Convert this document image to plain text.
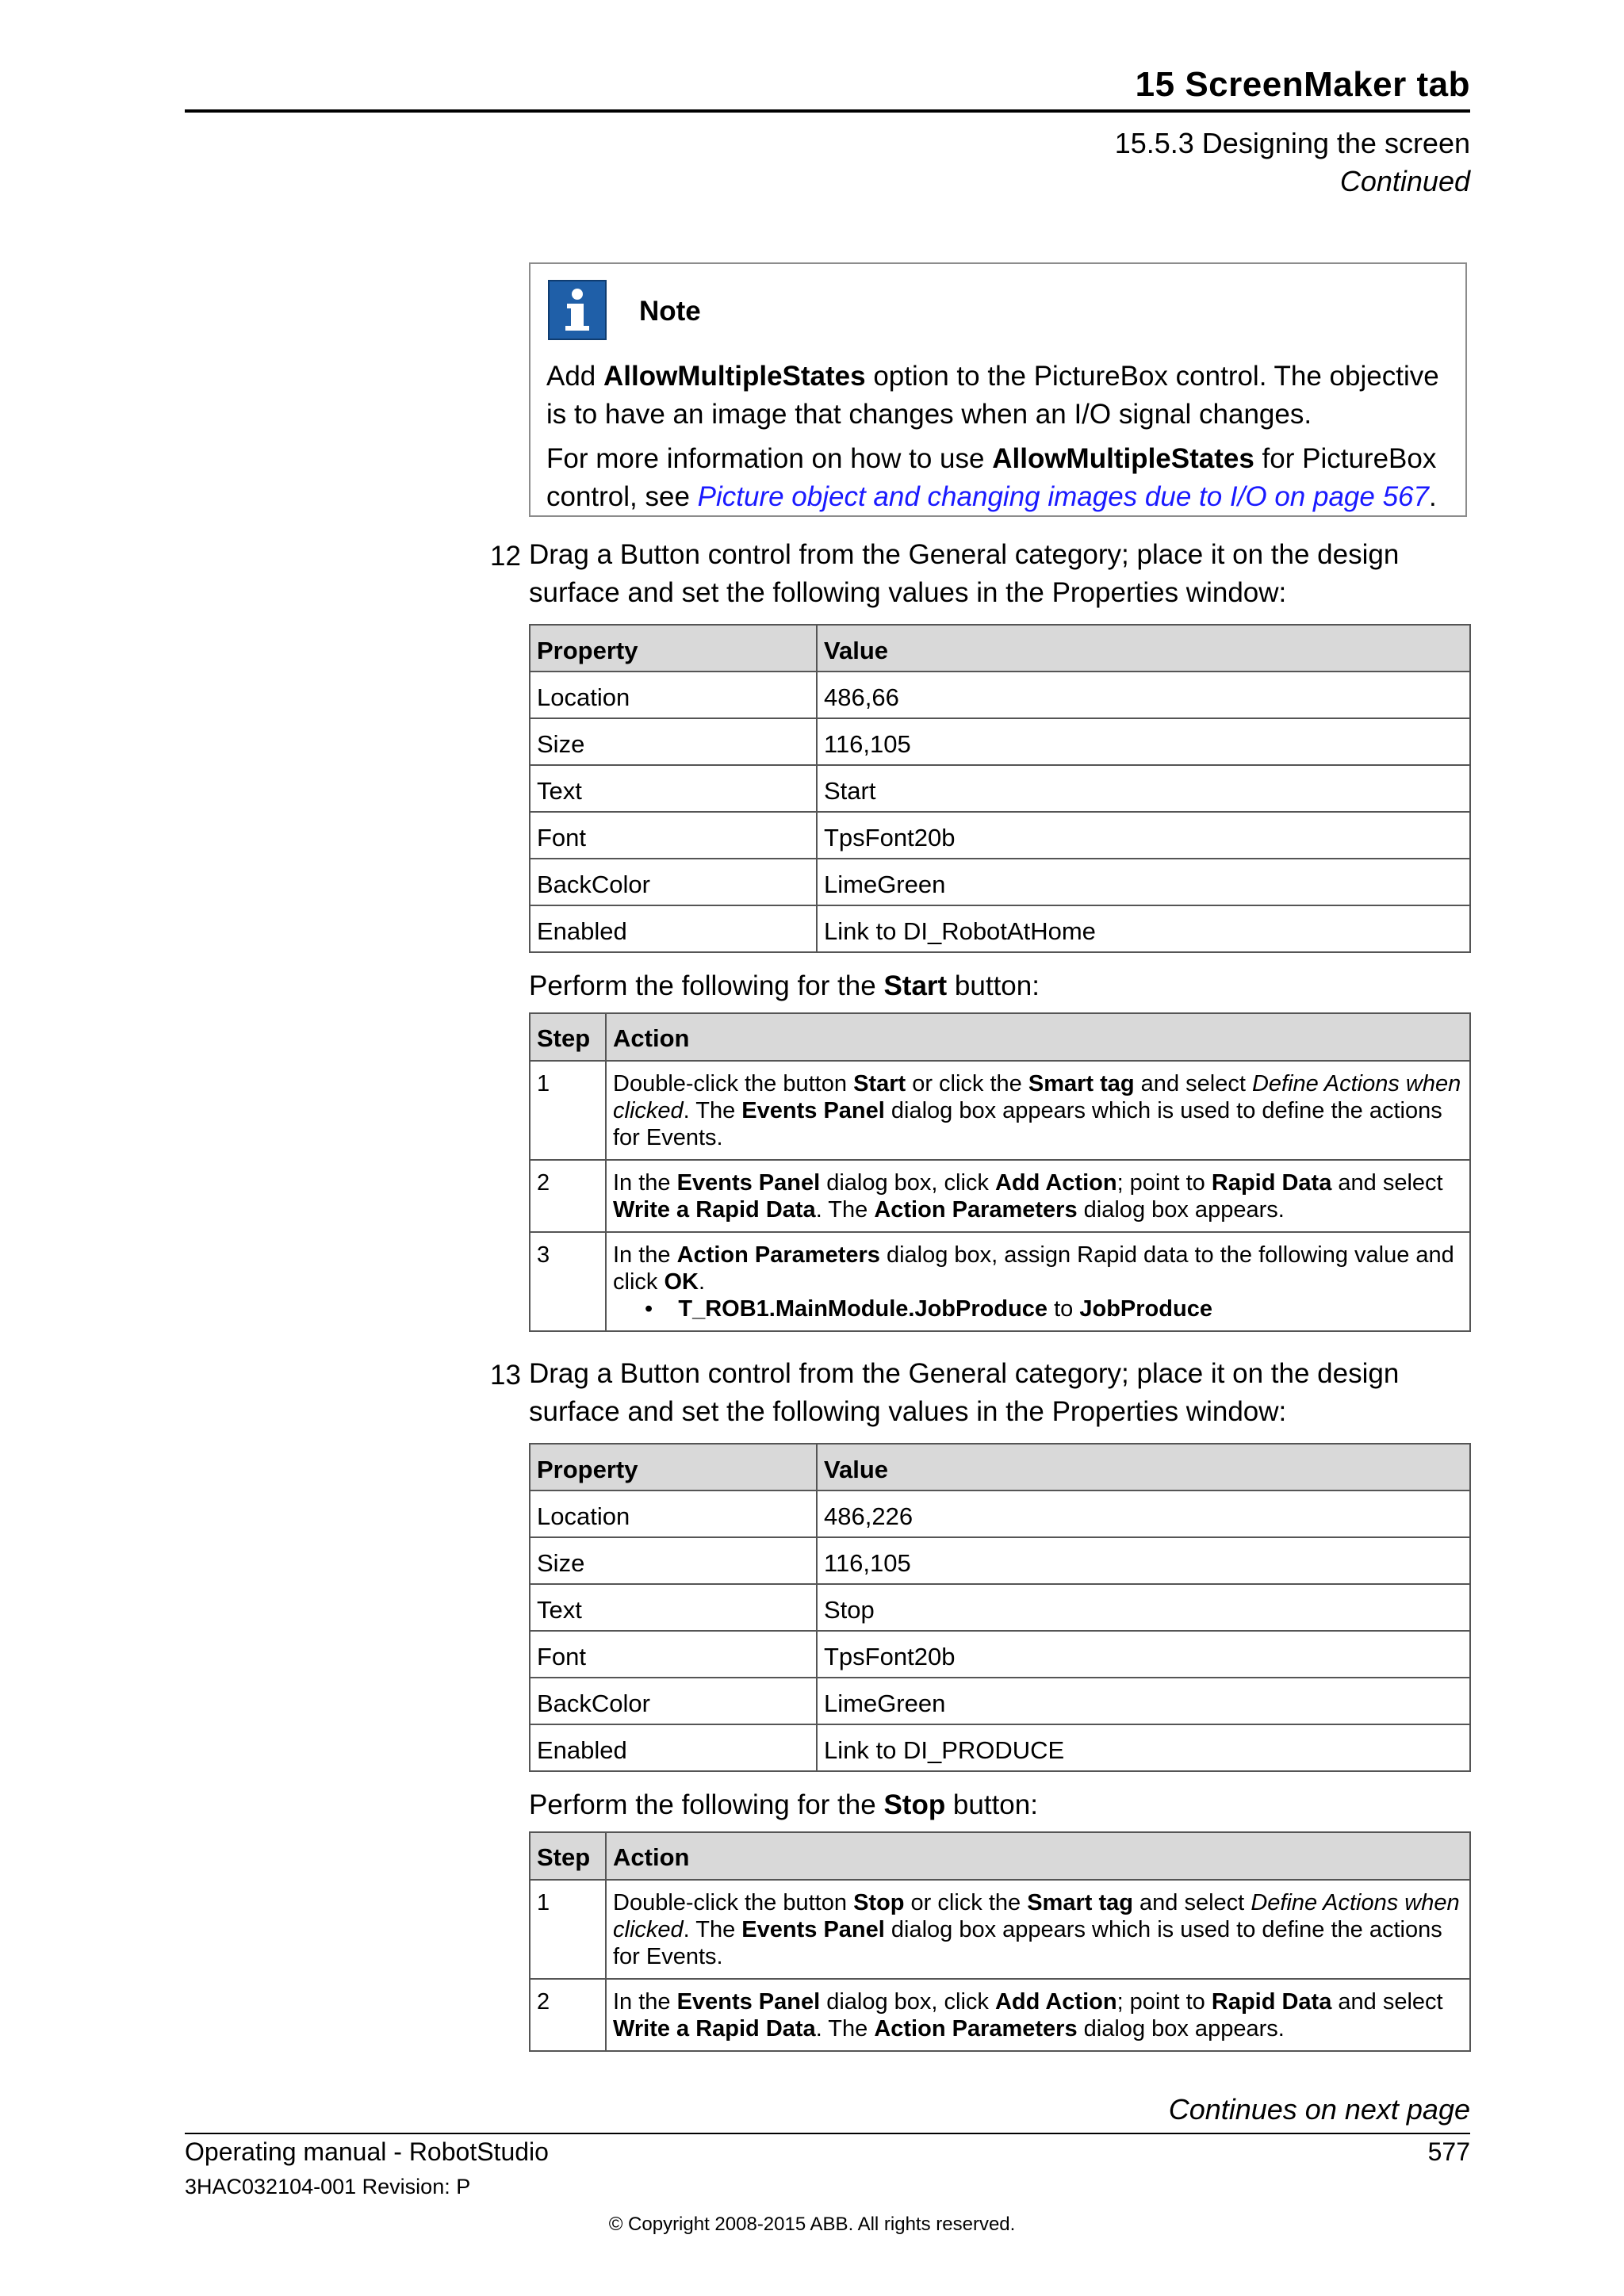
15 ScreenMaker tab
15.5.3 Designing the screen
Continued
Note
Add AllowMultipleStates option to the PictureBox control. The objective is to have an image that changes when an I/O signal changes.
For more information on how to use AllowMultipleStates for PictureBox control, see Picture object and changing images due to I/O on page 567.
12 Drag a Button control from the General category; place it on the design surface and set the following values in the Properties window:
Property	Value
Location	486,66
Size	116,105
Text	Start
Font	TpsFont20b
BackColor	LimeGreen
Enabled	Link to DI_RobotAtHome
Perform the following for the Start button:
Step	Action
1	Double-click the button Start or click the Smart tag and select Define Actions when clicked. The Events Panel dialog box appears which is used to define the actions for Events.
2	In the Events Panel dialog box, click Add Action; point to Rapid Data and select Write a Rapid Data. The Action Parameters dialog box appears.
3	In the Action Parameters dialog box, assign Rapid data to the following value and click OK.
• T_ROB1.MainModule.JobProduce to JobProduce
13 Drag a Button control from the General category; place it on the design surface and set the following values in the Properties window:
Property	Value
Location	486,226
Size	116,105
Text	Stop
Font	TpsFont20b
BackColor	LimeGreen
Enabled	Link to DI_PRODUCE
Perform the following for the Stop button:
Step	Action
1	Double-click the button Stop or click the Smart tag and select Define Actions when clicked. The Events Panel dialog box appears which is used to define the actions for Events.
2	In the Events Panel dialog box, click Add Action; point to Rapid Data and select Write a Rapid Data. The Action Parameters dialog box appears.
Continues on next page
Operating manual - RobotStudio	577
3HAC032104-001 Revision: P
© Copyright 2008-2015 ABB. All rights reserved.
